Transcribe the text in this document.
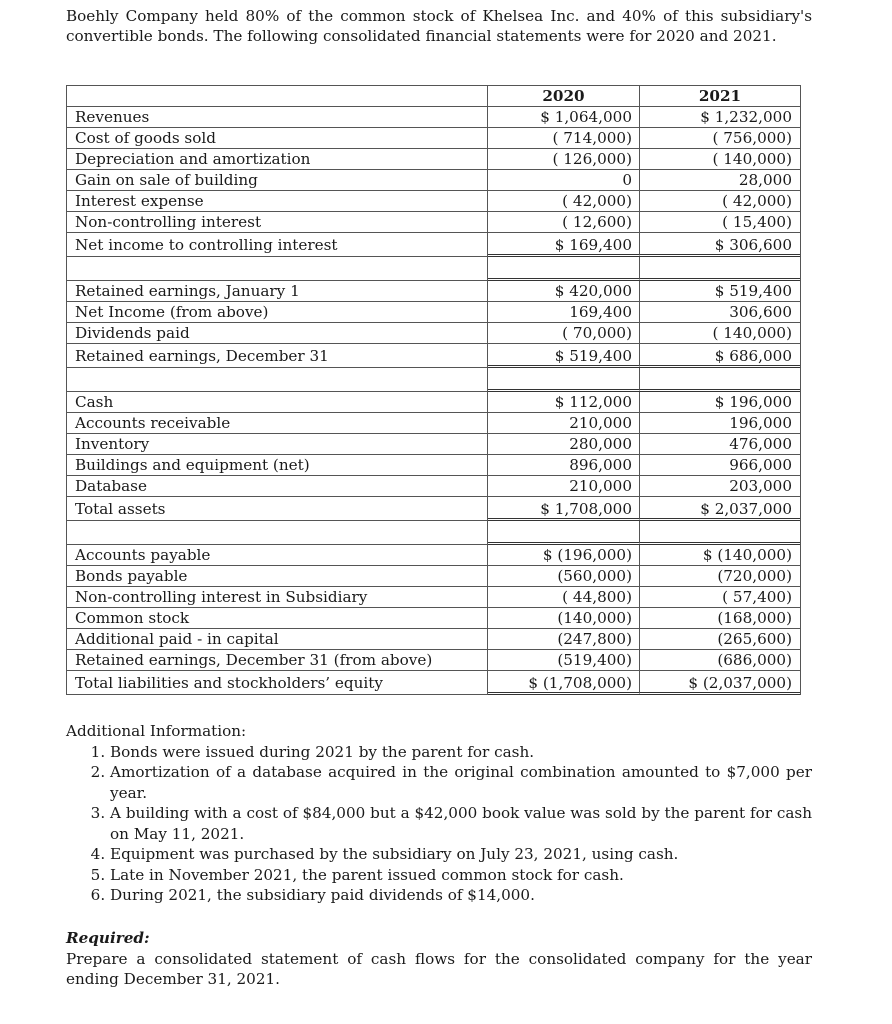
Boehly Company held 80% of the common stock of Khelsea Inc. and 40% of this subsidiary's convertible bonds. The following consolidated financial statements were for 2020 and 2021.

2020	2021
Revenues	$ 1,064,000	$ 1,232,000
Cost of goods sold	( 714,000)	( 756,000)
Depreciation and amortization	( 126,000)	( 140,000)
Gain on sale of building	0	28,000
Interest expense	( 42,000)	( 42,000)
Non-controlling interest	( 12,600)	( 15,400)
Net income to controlling interest	$ 169,400	$ 306,600
Retained earnings, January 1	$ 420,000	$ 519,400
Net Income (from above)	169,400	306,600
Dividends paid	( 70,000)	( 140,000)
Retained earnings, December 31	$ 519,400	$ 686,000
Cash	$ 112,000	$ 196,000
Accounts receivable	210,000	196,000
Inventory	280,000	476,000
Buildings and equipment (net)	896,000	966,000
Database	210,000	203,000
Total assets	$ 1,708,000	$ 2,037,000
Accounts payable	$ (196,000)	$ (140,000)
Bonds payable	(560,000)	(720,000)
Non-controlling interest in Subsidiary	( 44,800)	( 57,400)
Common stock	(140,000)	(168,000)
Additional paid - in capital	(247,800)	(265,600)
Retained earnings, December 31 (from above)	(519,400)	(686,000)
Total liabilities and stockholders’ equity	$ (1,708,000)	$ (2,037,000)
Additional Information:
1. Bonds were issued during 2021 by the parent for cash.
2. Amortization of a database acquired in the original combination amounted to $7,000 per year.
3. A building with a cost of $84,000 but a $42,000 book value was sold by the parent for cash on May 11, 2021.
4. Equipment was purchased by the subsidiary on July 23, 2021, using cash.
5. Late in November 2021, the parent issued common stock for cash.
6. During 2021, the subsidiary paid dividends of $14,000.
Required:
Prepare a consolidated statement of cash flows for the consolidated company for the year ending December 31, 2021.
